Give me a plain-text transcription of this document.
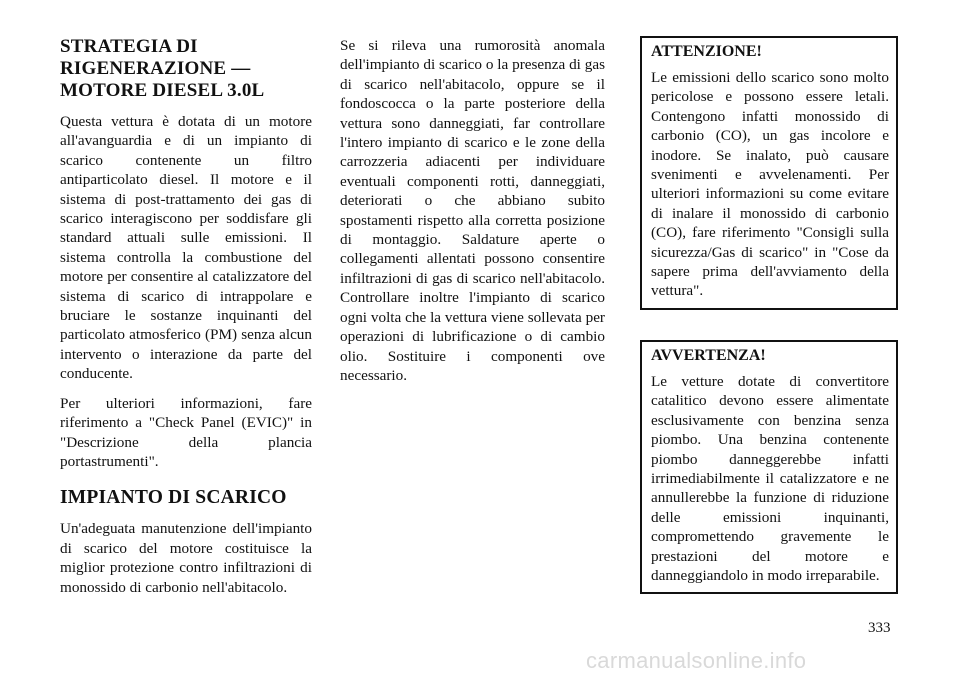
STRATEGIA DI
RIGENERAZIONE —
MOTORE DIESEL 3.0L

Questa vettura è dotata di un motore all'avanguardia e di un impianto di scarico contenente un filtro antiparticolato diesel. Il motore e il sistema di post-trattamento dei gas di scarico interagiscono per soddisfare gli standard attuali sulle emissioni. Il sistema controlla la combustione del motore per consentire al catalizzatore del sistema di scarico di intrappolare e bruciare le sostanze inquinanti del particolato atmosferico (PM) senza alcun intervento o interazione da parte del conducente.

Per ulteriori informazioni, fare riferimento a "Check Panel (EVIC)" in "Descrizione della plancia portastrumenti".

IMPIANTO DI SCARICO

Un'adeguata manutenzione dell'impianto di scarico del motore costituisce la miglior protezione contro infiltrazioni di monossido di carbonio nell'abitacolo.

Se si rileva una rumorosità anomala dell'impianto di scarico o la presenza di gas di scarico nell'abitacolo, oppure se il fondoscocca o la parte posteriore della vettura sono danneggiati, far controllare l'intero impianto di scarico e le zone della carrozzeria adiacenti per individuare eventuali componenti rotti, danneggiati, deteriorati o che abbiano subito spostamenti rispetto alla corretta posizione di montaggio. Saldature aperte o collegamenti allentati possono consentire infiltrazioni di gas di scarico nell'abitacolo. Controllare inoltre l'impianto di scarico ogni volta che la vettura viene sollevata per operazioni di lubrificazione o di cambio olio. Sostituire i componenti ove necessario.

ATTENZIONE!

Le emissioni dello scarico sono molto pericolose e possono essere letali. Contengono infatti monossido di carbonio (CO), un gas incolore e inodore. Se inalato, può causare svenimenti e avvelenamenti. Per ulteriori informazioni su come evitare di inalare il monossido di carbonio (CO), fare riferimento "Consigli sulla sicurezza/Gas di scarico" in "Cose da sapere prima dell'avviamento della vettura".

AVVERTENZA!

Le vetture dotate di convertitore catalitico devono essere alimentate esclusivamente con benzina senza piombo. Una benzina contenente piombo danneggerebbe infatti irrimediabilmente il catalizzatore e ne annullerebbe la funzione di riduzione delle emissioni inquinanti, compromettendo gravemente le prestazioni del motore e danneggiandolo in modo irreparabile.

333
carmanualsonline.info
